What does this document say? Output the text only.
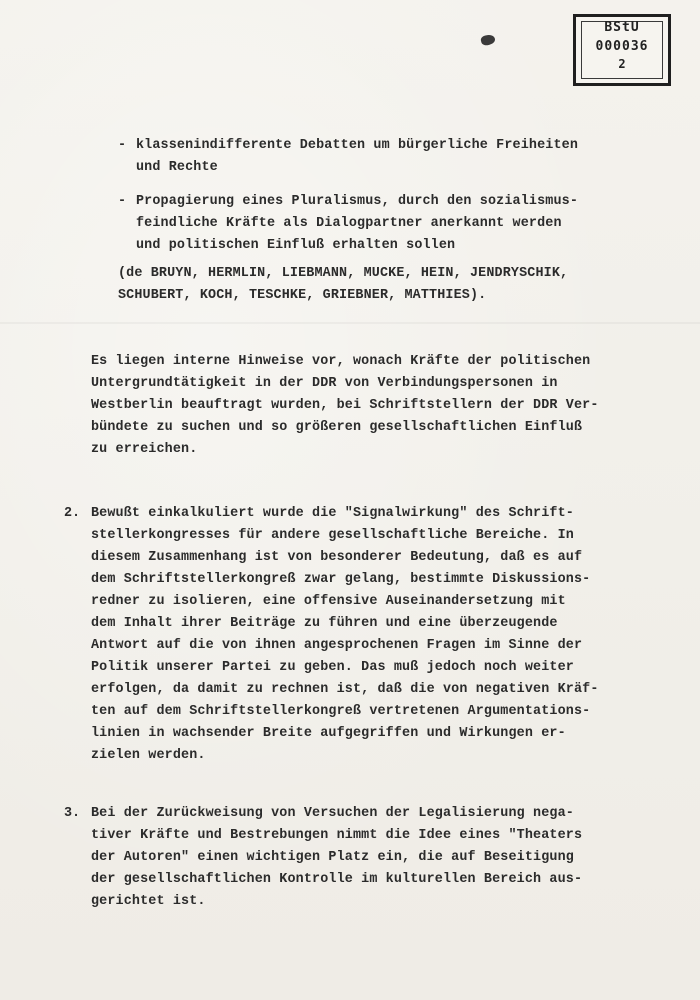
BStU
000036
2
- klassenindifferente Debatten um bürgerliche Freiheiten
und Rechte
- Propagierung eines Pluralismus, durch den sozialismus-
feindliche Kräfte als Dialogpartner anerkannt werden
und politischen Einfluß erhalten sollen
(de BRUYN, HERMLIN, LIEBMANN, MUCKE, HEIN, JENDRYSCHIK,
SCHUBERT, KOCH, TESCHKE, GRIEBNER, MATTHIES).
Es liegen interne Hinweise vor, wonach Kräfte der politischen
Untergrundtätigkeit in der DDR von Verbindungspersonen in
Westberlin beauftragt wurden, bei Schriftstellern der DDR Ver-
bündete zu suchen und so größeren gesellschaftlichen Einfluß
zu erreichen.
2. Bewußt einkalkuliert wurde die "Signalwirkung" des Schrift-
stellerkongresses für andere gesellschaftliche Bereiche. In
diesem Zusammenhang ist von besonderer Bedeutung, daß es auf
dem Schriftstellerkongreß zwar gelang, bestimmte Diskussions-
redner zu isolieren, eine offensive Auseinandersetzung mit
dem Inhalt ihrer Beiträge zu führen und eine überzeugende
Antwort auf die von ihnen angesprochenen Fragen im Sinne der
Politik unserer Partei zu geben. Das muß jedoch noch weiter
erfolgen, da damit zu rechnen ist, daß die von negativen Kräf-
ten auf dem Schriftstellerkongreß vertretenen Argumentations-
linien in wachsender Breite aufgegriffen und Wirkungen er-
zielen werden.
3. Bei der Zurückweisung von Versuchen der Legalisierung nega-
tiver Kräfte und Bestrebungen nimmt die Idee eines "Theaters
der Autoren" einen wichtigen Platz ein, die auf Beseitigung
der gesellschaftlichen Kontrolle im kulturellen Bereich aus-
gerichtet ist.
